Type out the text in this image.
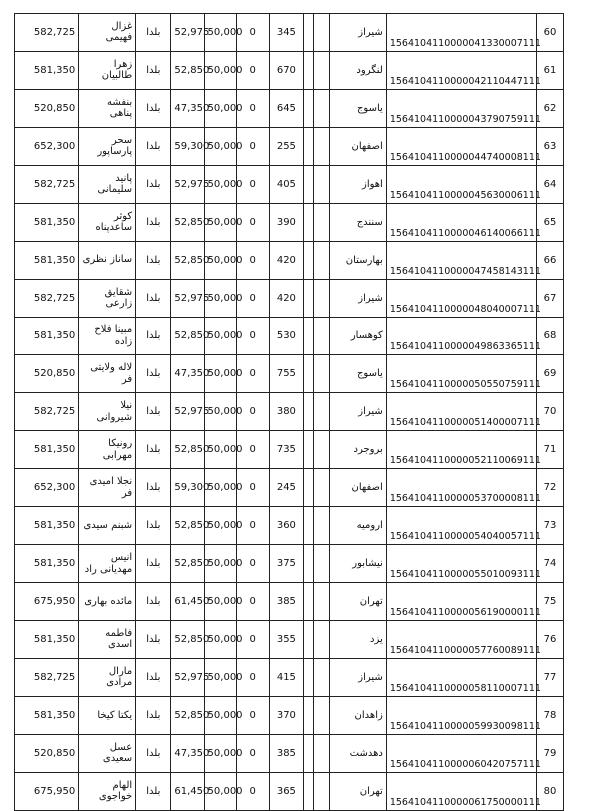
582,725	غزال فهیمی	بلدا	52,975	50,000	0	345			شیراز	1564104110000041330007111	60
581,350	زهرا طالبیان	بلدا	52,850	50,000	0	670			لنگرود	1564104110000042110447111	61
520,850	بنفشه پناهی	بلدا	47,350	50,000	0	645			یاسوج	1564104110000043790759111	62
652,300	سحر پارساپور	بلدا	59,300	50,000	0	255			اصفهان	1564104110000044740008111	63
582,725	پانید سلیمانی	بلدا	52,975	50,000	0	405			اهواز	1564104110000045630006111	64
581,350	کوثر ساعدپناه	بلدا	52,850	50,000	0	390			سنندج	1564104110000046140066111	65
581,350	ساناز نظری	بلدا	52,850	50,000	0	420			بهارستان	1564104110000047458143111	66
582,725	شقایق زارعی	بلدا	52,975	50,000	0	420			شیراز	1564104110000048040007111	67
581,350	مبینا فلاح زاده	بلدا	52,850	50,000	0	530			کوهسار	1564104110000049863365111	68
520,850	لاله ولایتی فر	بلدا	47,350	50,000	0	755			یاسوج	1564104110000050550759111	69
582,725	نیلا شیروانی	بلدا	52,975	50,000	0	380			شیراز	1564104110000051400007111	70
581,350	رونیکا مهرابی	بلدا	52,850	50,000	0	735			بروجرد	1564104110000052110069111	71
652,300	نجلا امیدی فر	بلدا	59,300	50,000	0	245			اصفهان	1564104110000053700008111	72
581,350	شبنم سیدی	بلدا	52,850	50,000	0	360			ارومیه	1564104110000054040057111	73
581,350	انیس مهدیانی راد	بلدا	52,850	50,000	0	375			نیشابور	1564104110000055010093111	74
675,950	مائده بهاری	بلدا	61,450	50,000	0	385			تهران	1564104110000056190000111	75
581,350	فاطمه اسدی	بلدا	52,850	50,000	0	355			یزد	1564104110000057760089111	76
582,725	مارال مرادی	بلدا	52,975	50,000	0	415			شیراز	1564104110000058110007111	77
581,350	یکتا کیخا	بلدا	52,850	50,000	0	370			زاهدان	1564104110000059930098111	78
520,850	عسل سعیدی	بلدا	47,350	50,000	0	385			دهدشت	1564104110000060420757111	79
675,950	الهام خواجوی	بلدا	61,450	50,000	0	365			تهران	1564104110000061750000111	80
